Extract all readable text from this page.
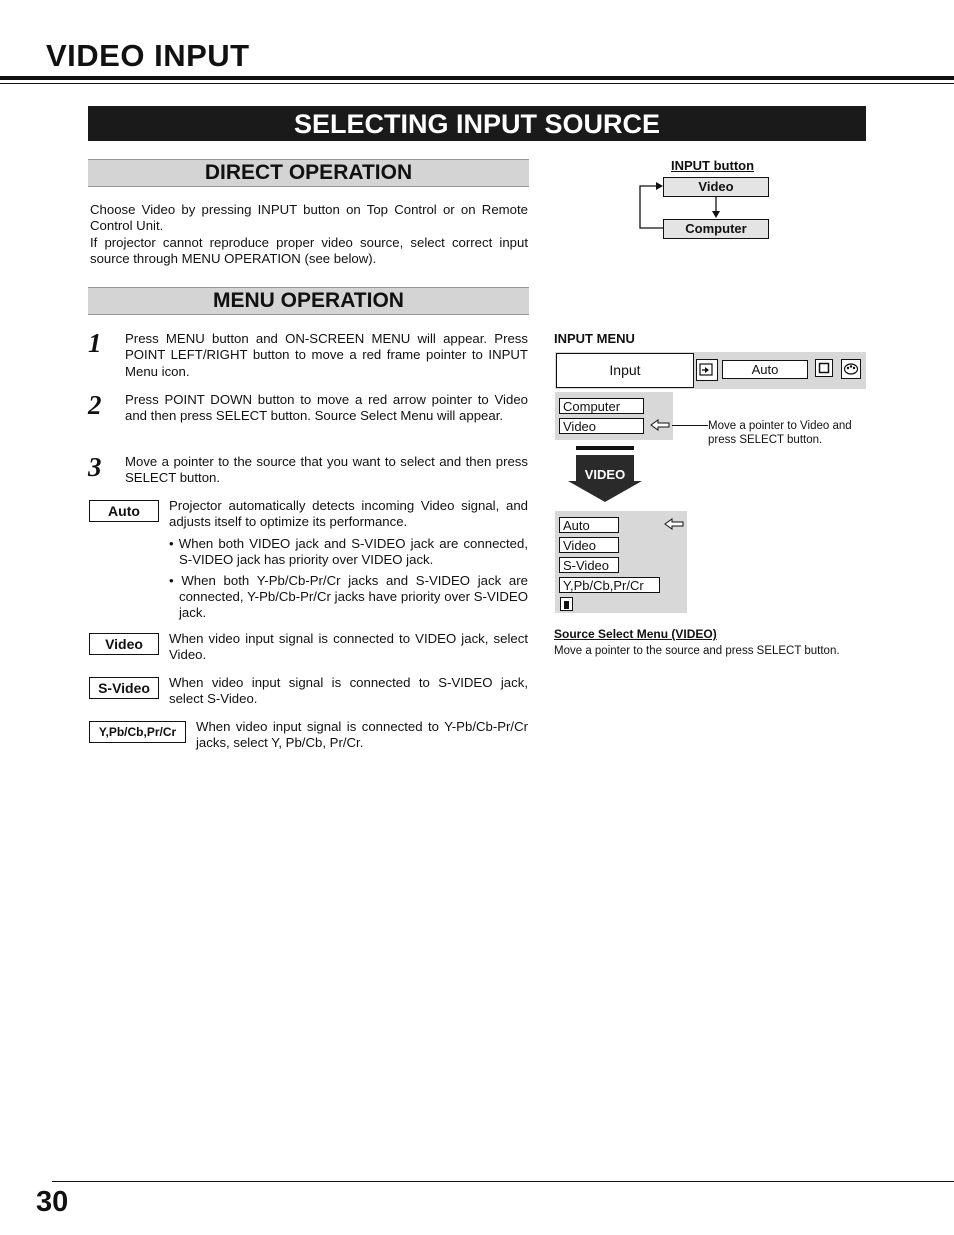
VIDEO INPUT
SELECTING INPUT SOURCE
DIRECT OPERATION
Choose Video by pressing INPUT button on Top Control or on Remote Control Unit.
If projector cannot reproduce proper video source, select correct input source through MENU OPERATION (see below).
INPUT button
Video
Computer
MENU OPERATION
1 Press MENU button and ON-SCREEN MENU will appear. Press POINT LEFT/RIGHT button to move a red frame pointer to INPUT Menu icon.
2 Press POINT DOWN button to move a red arrow pointer to Video and then press SELECT button. Source Select Menu will appear.
3 Move a pointer to the source that you want to select and then press SELECT button.
Auto	Projector automatically detects incoming Video signal, and adjusts itself to optimize its performance.
• When both VIDEO jack and S-VIDEO jack are connected, S-VIDEO jack has priority over VIDEO jack.
• When both Y-Pb/Cb-Pr/Cr jacks and S-VIDEO jack are connected, Y-Pb/Cb-Pr/Cr jacks have priority over S-VIDEO jack.
Video	When video input signal is connected to VIDEO jack, select Video.
S-Video	When video input signal is connected to S-VIDEO jack, select S-Video.
Y,Pb/Cb,Pr/Cr	When video input signal is connected to Y-Pb/Cb-Pr/Cr jacks, select Y, Pb/Cb, Pr/Cr.
INPUT MENU
Input	Auto
Computer
Video	Move a pointer to Video and press SELECT button.
VIDEO
Auto
Video
S-Video
Y,Pb/Cb,Pr/Cr
Source Select Menu (VIDEO)
Move a pointer to the source and press SELECT button.
30
